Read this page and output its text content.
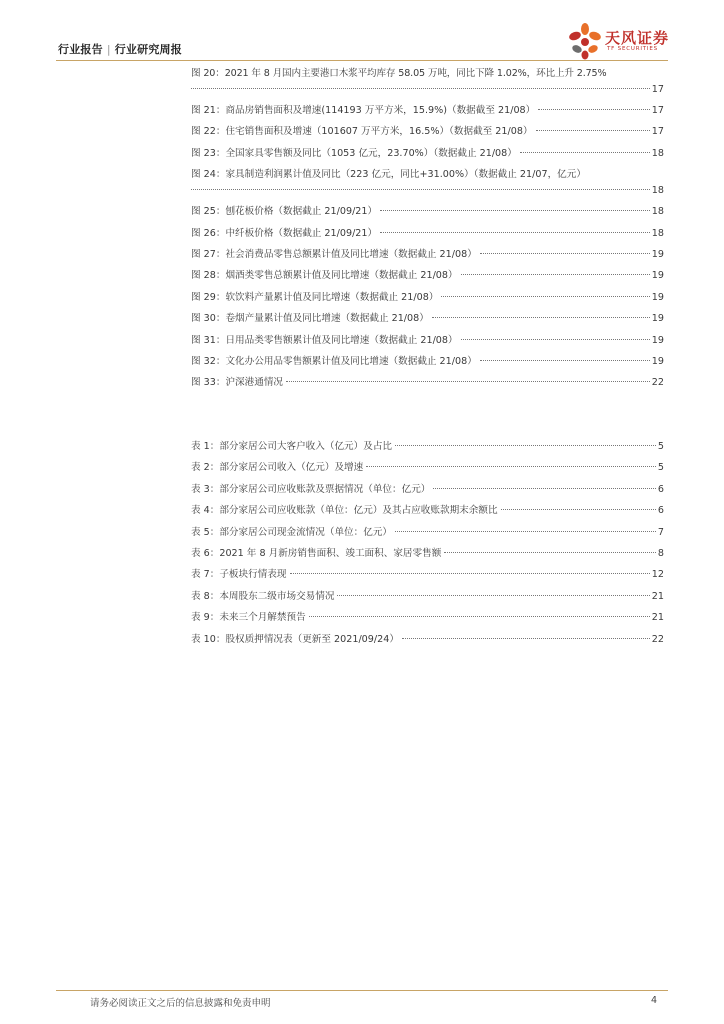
行业报告 | 行业研究周报
天风证券
TF SECURITIES
图 20：2021 年 8 月国内主要港口木浆平均库存 58.05 万吨，同比下降 1.02%，环比上升 2.75%
17
图 21：商品房销售面积及增速(114193 万平方米，15.9%)（数据截至 21/08）	17
图 22：住宅销售面积及增速（101607 万平方米，16.5%）（数据截至 21/08）	17
图 23：全国家具零售额及同比（1053 亿元，23.70%）（数据截止 21/08）	18
图 24：家具制造利润累计值及同比（223 亿元，同比+31.00%）（数据截止 21/07，亿元）
18
图 25：刨花板价格（数据截止 21/09/21）	18
图 26：中纤板价格（数据截止 21/09/21）	18
图 27：社会消费品零售总额累计值及同比增速（数据截止 21/08）	19
图 28：烟酒类零售总额累计值及同比增速（数据截止 21/08）	19
图 29：软饮料产量累计值及同比增速（数据截止 21/08）	19
图 30：卷烟产量累计值及同比增速（数据截止 21/08）	19
图 31：日用品类零售额累计值及同比增速（数据截止 21/08）	19
图 32：文化办公用品零售额累计值及同比增速（数据截止 21/08）	19
图 33：沪深港通情况	22
表 1：部分家居公司大客户收入（亿元）及占比	5
表 2：部分家居公司收入（亿元）及增速	5
表 3：部分家居公司应收账款及票据情况（单位：亿元）	6
表 4：部分家居公司应收账款（单位：亿元）及其占应收账款期末余额比	6
表 5：部分家居公司现金流情况（单位：亿元）	7
表 6：2021 年 8 月新房销售面积、竣工面积、家居零售额	8
表 7：子板块行情表现	12
表 8：本周股东二级市场交易情况	21
表 9：未来三个月解禁预告	21
表 10：股权质押情况表（更新至 2021/09/24）	22
请务必阅读正文之后的信息披露和免责申明	4
